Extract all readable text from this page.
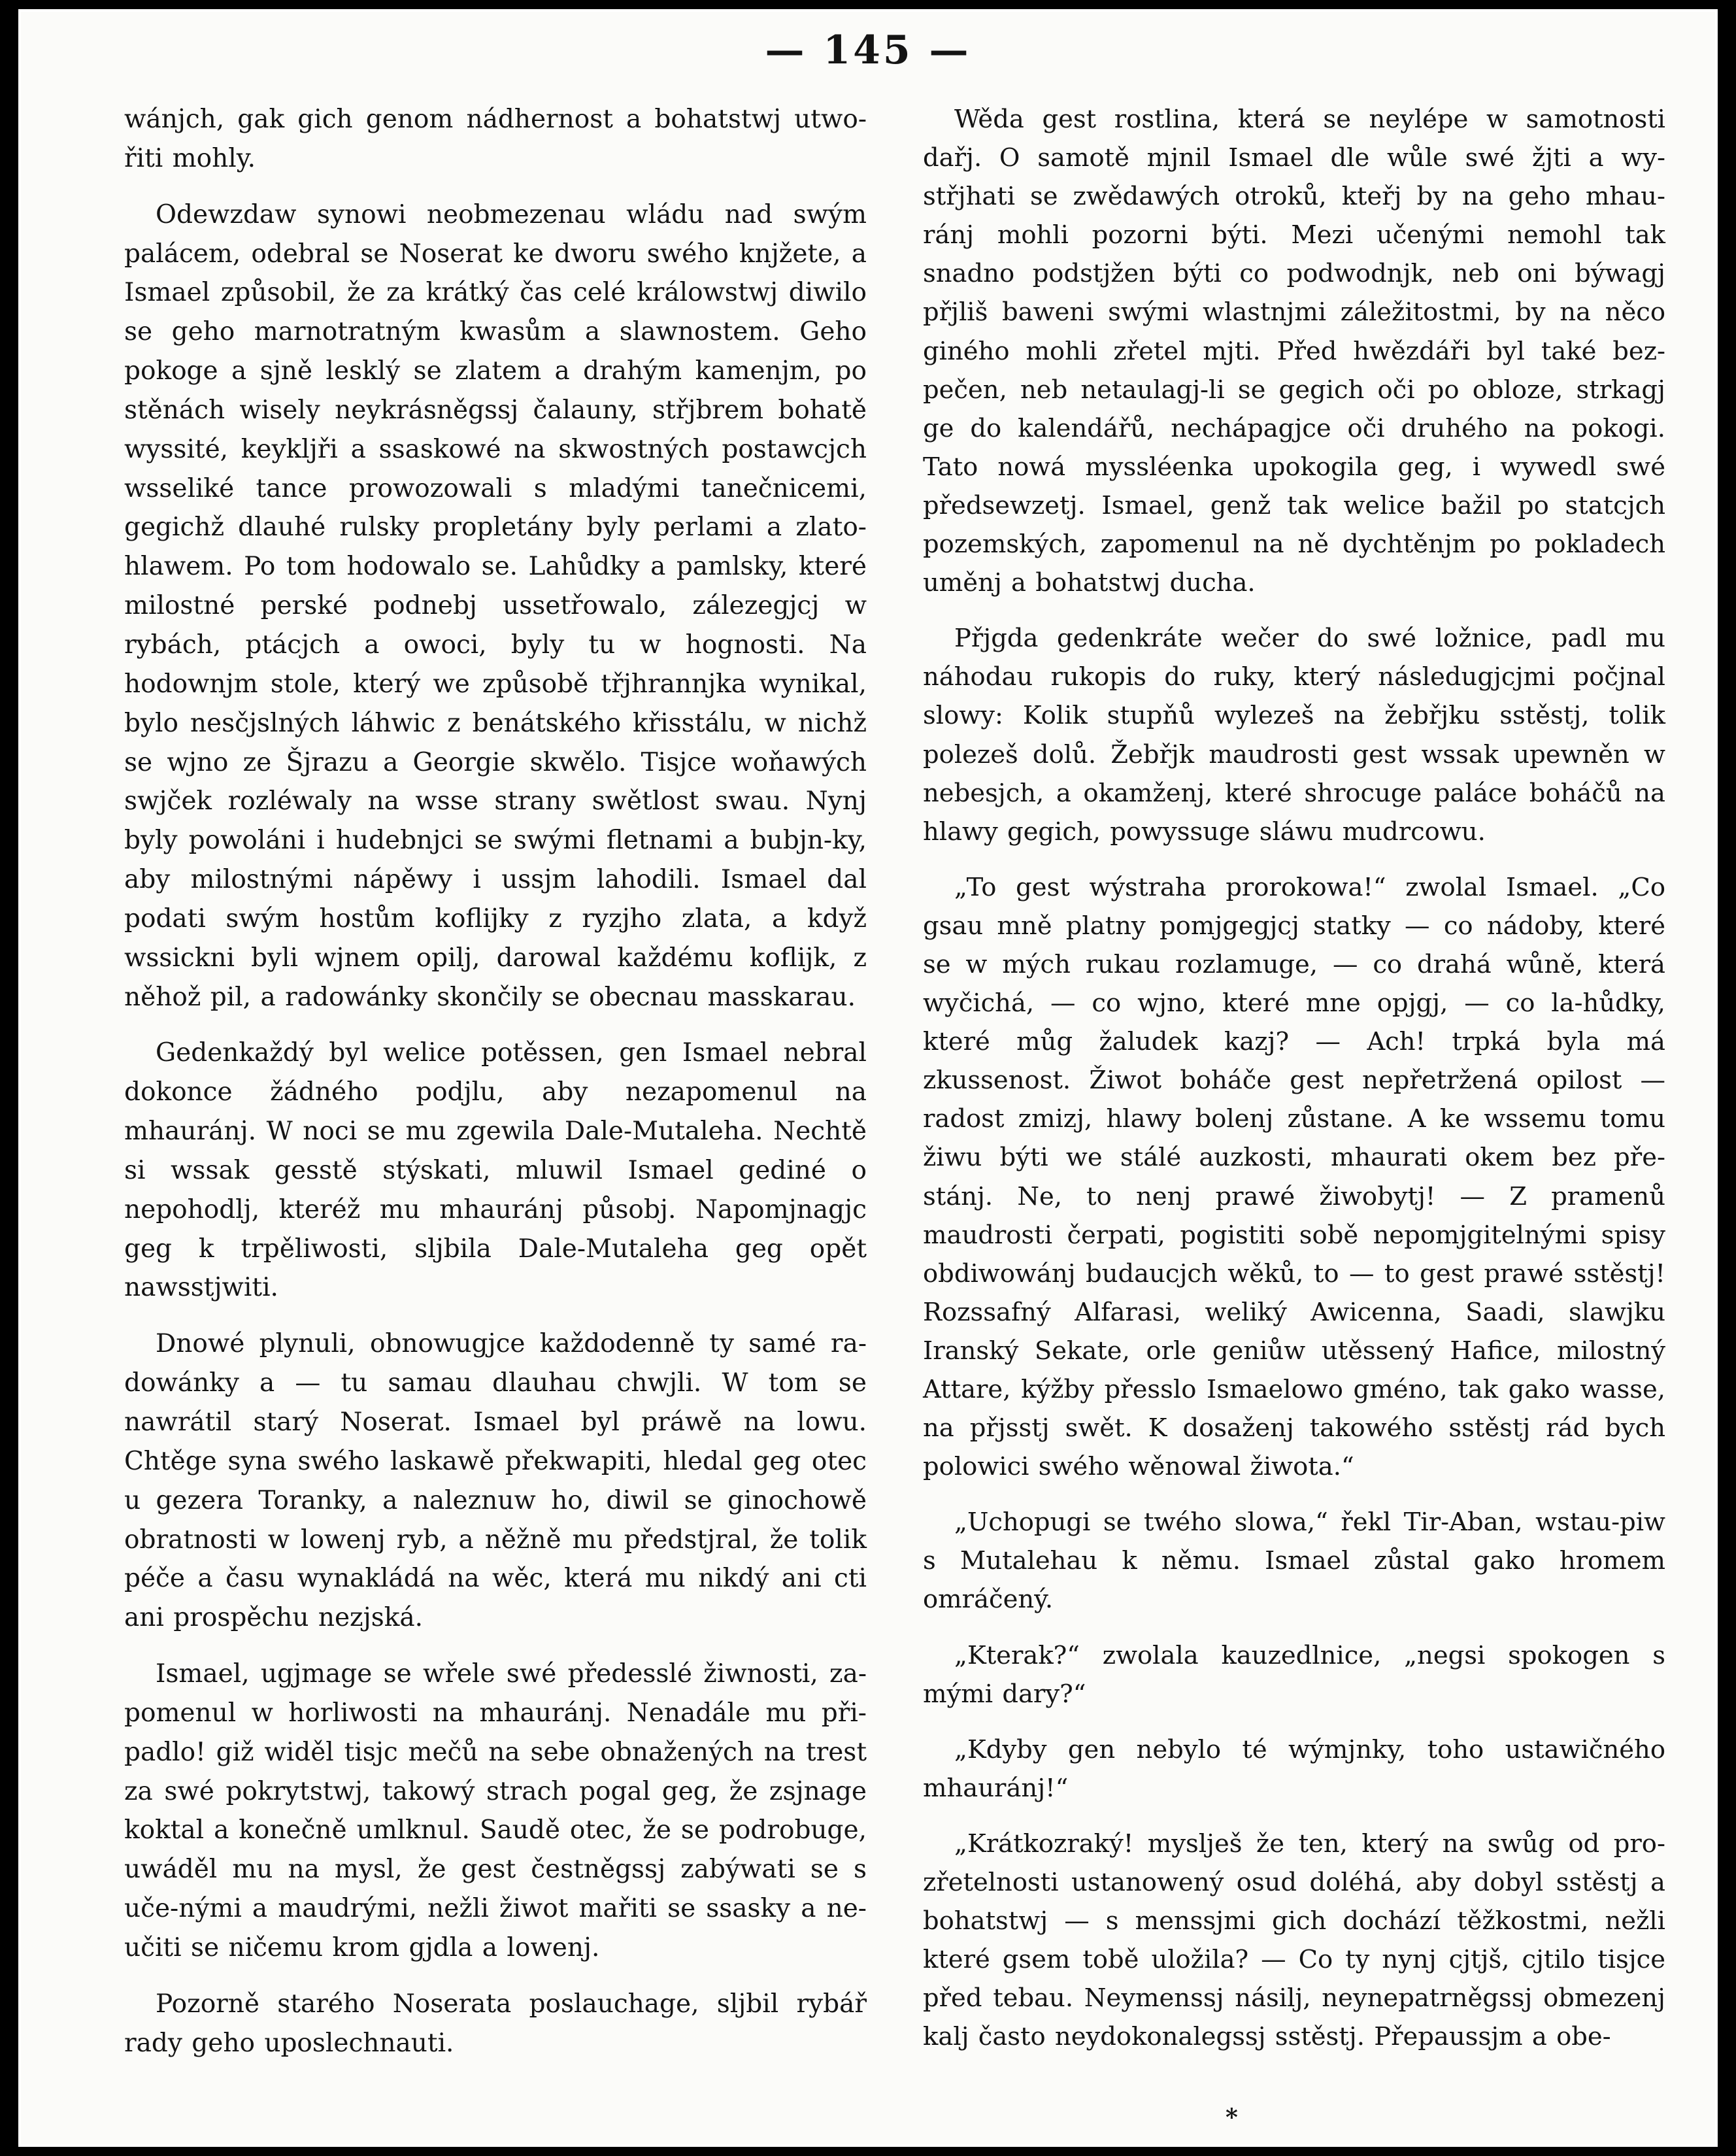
— 145 —

wánjch, gak gich genom nádhernost a bohatstwj utwo-řiti mohly.

Odewzdaw synowi neobmezenau wládu nad swým palácem, odebral se Noserat ke dworu swého knjžete, a Ismael způsobil, že za krátký čas celé králowstwj diwilo se geho marnotratným kwasům a slawnostem. Geho pokoge a sjně lesklý se zlatem a drahým kamenjm, po stěnách wisely neykrásněgssj čalauny, střjbrem bohatě wyssité, keykljři a ssaskowé na skwostných postawcjch wsseliké tance prowozowali s mladými tanečnicemi, gegichž dlauhé rulsky propletány byly perlami a zlato-hlawem. Po tom hodowalo se. Lahůdky a pamlsky, které milostné perské podnebj ussetřowalo, zálezegjcj w rybách, ptácjch a owoci, byly tu w hognosti. Na hodownjm stole, který we způsobě třjhrannjka wynikal, bylo nesčjslných láhwic z benátského křisstálu, w nichž se wjno ze Šjrazu a Georgie skwělo. Tisjce woňawých swjček rozléwaly na wsse strany swětlost swau. Nynj byly powoláni i hudebnjci se swými fletnami a bubjn-ky, aby milostnými nápěwy i ussjm lahodili. Ismael dal podati swým hostům koflijky z ryzjho zlata, a když wssickni byli wjnem opilj, darowal každému koflijk, z něhož pil, a radowánky skončily se obecnau masskarau.

Gedenkaždý byl welice potěssen, gen Ismael nebral dokonce žádného podjlu, aby nezapomenul na mhauránj. W noci se mu zgewila Dale-Mutaleha. Nechtě si wssak gesstě stýskati, mluwil Ismael gediné o nepohodlj, kteréž mu mhauránj působj. Napomjnagjc geg k trpěliwosti, sljbila Dale-Mutaleha geg opět nawsstjwiti.

Dnowé plynuli, obnowugjce každodenně ty samé ra-dowánky a — tu samau dlauhau chwjli. W tom se nawrátil starý Noserat. Ismael byl práwě na lowu. Chtěge syna swého laskawě překwapiti, hledal geg otec u gezera Toranky, a naleznuw ho, diwil se ginochowě obratnosti w lowenj ryb, a něžně mu předstjral, že tolik péče a času wynakládá na wěc, která mu nikdý ani cti ani prospěchu nezjská.

Ismael, ugjmage se wřele swé předesslé žiwnosti, za-pomenul w horliwosti na mhauránj. Nenadále mu při-padlo! giž widěl tisjc mečů na sebe obnažených na trest za swé pokrytstwj, takowý strach pogal geg, že zsjnage koktal a konečně umlknul. Saudě otec, že se podrobuge, uwáděl mu na mysl, že gest čestněgssj zabýwati se s uče-nými a maudrými, nežli žiwot mařiti se ssasky a ne-učiti se ničemu krom gjdla a lowenj.

Pozorně starého Noserata poslauchage, sljbil rybář rady geho uposlechnauti.

Wěda gest rostlina, která se neylépe w samotnosti dařj. O samotě mjnil Ismael dle wůle swé žjti a wy-střjhati se zwědawých otroků, kteřj by na geho mhau-ránj mohli pozorni býti. Mezi učenými nemohl tak snadno podstjžen býti co podwodnjk, neb oni býwagj přjliš baweni swými wlastnjmi záležitostmi, by na něco giného mohli zřetel mjti. Před hwězdáři byl také bez-pečen, neb netaulagj-li se gegich oči po obloze, strkagj ge do kalendářů, nechápagjce oči druhého na pokogi. Tato nowá myssléenka upokogila geg, i wywedl swé předsewzetj. Ismael, genž tak welice bažil po statcjch pozemských, zapomenul na ně dychtěnjm po pokladech uměnj a bohatstwj ducha.

Přjgda gedenkráte wečer do swé ložnice, padl mu náhodau rukopis do ruky, který následugjcjmi počjnal slowy: Kolik stupňů wylezeš na žebřjku sstěstj, tolik polezeš dolů. Žebřjk maudrosti gest wssak upewněn w nebesjch, a okamženj, které shrocuge paláce boháčů na hlawy gegich, powyssuge sláwu mudrcowu.

„To gest wýstraha prorokowa!“ zwolal Ismael. „Co gsau mně platny pomjgegjcj statky — co nádoby, které se w mých rukau rozlamuge, — co drahá wůně, která wyčichá, — co wjno, které mne opjgj, — co la-hůdky, které můg žaludek kazj? — Ach! trpká byla má zkussenost. Žiwot boháče gest nepřetržená opilost — radost zmizj, hlawy bolenj zůstane. A ke wssemu tomu žiwu býti we stálé auzkosti, mhaurati okem bez pře-stánj. Ne, to nenj prawé žiwobytj! — Z pramenů maudrosti čerpati, pogistiti sobě nepomjgitelnými spisy obdiwowánj budaucjch wěků, to — to gest prawé sstěstj! Rozssafný Alfarasi, weliký Awicenna, Saadi, slawjku Iranský Sekate, orle geniůw utěssený Hafice, milostný Attare, kýžby přesslo Ismaelowo gméno, tak gako wasse, na přjsstj swět. K dosaženj takowého sstěstj rád bych polowici swého wěnowal žiwota.“

„Uchopugi se twého slowa,“ řekl Tir-Aban, wstau-piw s Mutalehau k němu. Ismael zůstal gako hromem omráčený.

„Kterak?“ zwolala kauzedlnice, „negsi spokogen s mými dary?“

„Kdyby gen nebylo té wýmjnky, toho ustawičného mhauránj!“

„Krátkozraký! myslješ že ten, který na swůg od pro-zřetelnosti ustanowený osud doléhá, aby dobyl sstěstj a bohatstwj — s menssjmi gich dochází těžkostmi, nežli které gsem tobě uložila? — Co ty nynj cjtjš, cjtilo tisjce před tebau. Neymenssj násilj, neynepatrněgssj obmezenj kalj často neydokonalegssj sstěstj. Přepaussjm a obe-

*
